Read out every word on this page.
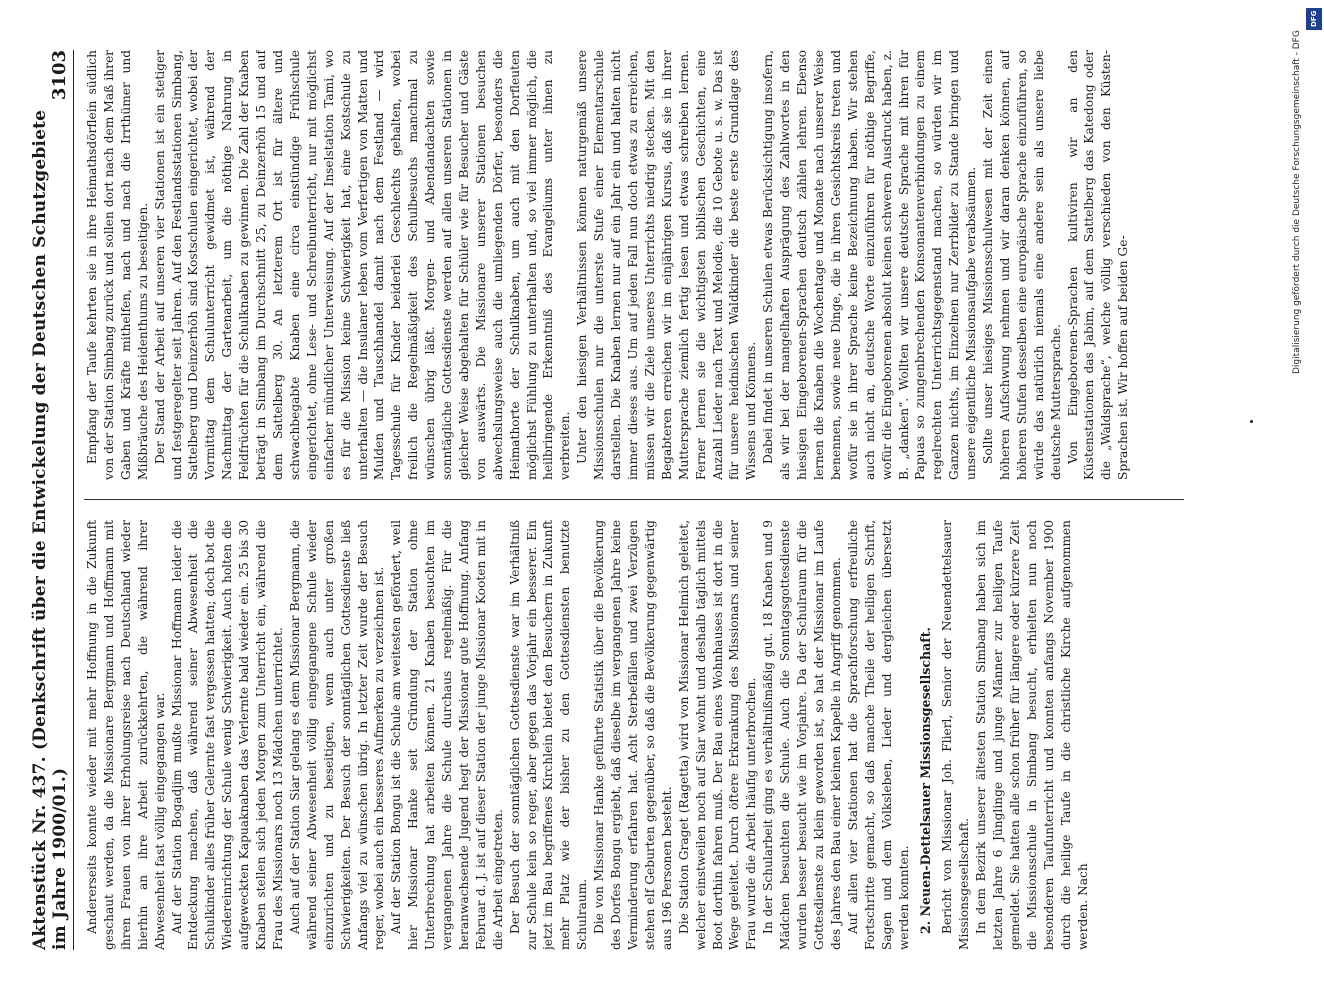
Aktenstück Nr. 437. (Denkschrift über die Entwickelung der Deutschen Schutzgebiete im Jahre 1900/01.)
3103

Andererseits konnte wieder mit mehr Hoffnung in die Zukunft geschaut werden, da die Missionare Bergmann und Hoffmann mit ihren Frauen von ihrer Erholungsreise nach Deutschland wieder hierhin an ihre Arbeit zurückkehrten, die während ihrer Abwesenheit fast völlig eingegangen war. Auf der Station Bogadjim mußte Missionar Hoffmann leider die Entdeckung machen, daß während seiner Abwesenheit die Schulkinder alles früher Gelernte fast vergessen hatten; doch bot die Wiedereinrichtung der Schule wenig Schwierigkeit. Auch holten die aufgeweckten Kapuaknaben das Verlernte bald wieder ein. 25 bis 30 Knaben stellen sich jeden Morgen zum Unterricht ein, während die Frau des Missionars noch 13 Mädchen unterrichtet. Auch auf der Station Siar gelang es dem Missionar Bergmann, die während seiner Abwesenheit völlig eingegangene Schule wieder einzurichten und zu beseitigen, wenn auch unter großen Schwierigkeiten. Der Besuch der sonntäglichen Gottesdienste ließ Anfangs viel zu wünschen übrig. In letzter Zeit wurde der Besuch reger, wobei auch ein besseres Aufmerken zu verzeichnen ist. Auf der Station Bongu ist die Schule am weitesten gefördert, weil hier Missionar Hanke seit Gründung der Station ohne Unterbrechung hat arbeiten können. 21 Knaben besuchten im vergangenen Jahre die Schule durchaus regelmäßig. Für die heranwachsende Jugend hegt der Missionar gute Hoffnung. Anfang Februar d. J. ist auf dieser Station der junge Missionar Kooten mit in die Arbeit eingetreten. Der Besuch der sonntäglichen Gottesdienste war im Verhältniß zur Schule kein so reger, aber gegen das Vorjahr ein besserer. Ein jetzt im Bau begriffenes Kirchlein bietet den Besuchern in Zukunft mehr Platz wie der bisher zu den Gottesdiensten benutzte Schulraum. Die von Missionar Hanke geführte Statistik über die Bevölkerung des Dorfes Bongu ergiebt, daß dieselbe im vergangenen Jahre keine Verminderung erfahren hat. Acht Sterbefällen und zwei Verzügen stehen elf Geburten gegenüber, so daß die Bevölkerung gegenwärtig aus 196 Personen besteht. Die Station Graget (Ragetta) wird von Missionar Helmich geleitet, welcher einstweilen noch auf Siar wohnt und deshalb täglich mittels Boot dorthin fahren muß. Der Bau eines Wohnhauses ist dort in die Wege geleitet. Durch öftere Erkrankung des Missionars und seiner Frau wurde die Arbeit häufig unterbrochen. In der Schularbeit ging es verhältnißmäßig gut. 18 Knaben und 9 Mädchen besuchten die Schule. Auch die Sonntagsgottesdienste wurden besser besucht wie im Vorjahre. Da der Schulraum für die Gottesdienste zu klein geworden ist, so hat der Missionar im Laufe des Jahres den Bau einer kleinen Kapelle in Angriff genommen. Auf allen vier Stationen hat die Sprachforschung erfreuliche Fortschritte gemacht, so daß manche Theile der heiligen Schrift, Sagen und dem Volksleben, Lieder und dergleichen übersetzt werden konnten. 2. Neuen-Dettelsauer Missionsgesellschaft. Bericht von Missionar Joh. Flierl, Senior der Neuendettelsauer Missionsgesellschaft. In dem Bezirk unserer ältesten Station Simbang haben sich im letzten Jahre 6 Jünglinge und junge Männer zur heiligen Taufe gemeldet. Sie hatten alle schon früher für längere oder kürzere Zeit die Missionsschule in Simbang besucht, erhielten nun noch besonderen Taufunterricht und konnten anfangs November 1900 durch die heilige Taufe in die christliche Kirche aufgenommen werden. Nach

Empfang der Taufe kehrten sie in ihre Heimathsdörflein südlich von der Station Simbang zurück und sollen dort nach dem Maß ihrer Gaben und Kräfte mithelfen, nach und nach die Irrthümer und Mißbräuche des Heidenthums zu beseitigen. Der Stand der Arbeit auf unseren vier Stationen ist ein stetiger und festgeregelter seit Jahren. Auf den Festlandsstationen Simbang, Sattelberg und Deinzerhöh sind Kostschulen eingerichtet, wobei der Vormittag dem Schulunterricht gewidmet ist, während der Nachmittag der Gartenarbeit, um die nöthige Nahrung in Feldfrüchten für die Schulknaben zu gewinnen. Die Zahl der Knaben beträgt in Simbang im Durchschnitt 25, zu Deinzerhöh 15 und auf dem Sattelberg 30. An letzterem Ort ist für ältere und schwachbegabte Knaben eine circa einstündige Frühschule eingerichtet, ohne Lese- und Schreibunterricht, nur mit möglichst einfacher mündlicher Unterweisung. Auf der Inselstation Tami, wo es für die Mission keine Schwierigkeit hat, eine Kostschule zu unterhalten — die Insulaner leben vom Verfertigen von Matten und Mulden und Tauschhandel damit nach dem Festland — wird Tagesschule für Kinder beiderlei Geschlechts gehalten, wobei freilich die Regelmäßigkeit des Schulbesuchs manchmal zu wünschen übrig läßt. Morgen- und Abendandachten sowie sonntägliche Gottesdienste werden auf allen unseren Stationen in gleicher Weise abgehalten für Schüler wie für Besucher und Gäste von auswärts. Die Missionare unserer Stationen besuchen abwechslungsweise auch die umliegenden Dörfer, besonders die Heimathorte der Schulknaben, um auch mit den Dorfleuten möglichst Fühlung zu unterhalten und, so viel immer möglich, die heilbringende Erkenntniß des Evangeliums unter ihnen zu verbreiten. Unter den hiesigen Verhältnissen können naturgemäß unsere Missionsschulen nur die unterste Stufe einer Elementarschule darstellen. Die Knaben lernen nur auf ein Jahr ein und halten nicht immer dieses aus. Um auf jeden Fall nun doch etwas zu erreichen, müssen wir die Ziele unseres Unterrichts niedrig stecken. Mit den Begabteren erreichen wir im einjährigen Kursus, daß sie in ihrer Muttersprache ziemlich fertig lesen und etwas schreiben lernen. Ferner lernen sie die wichtigsten biblischen Geschichten, eine Anzahl Lieder nach Text und Melodie, die 10 Gebote u. s. w. Das ist für unsere heidnischen Waldkinder die beste erste Grundlage des Wissens und Könnens. Dabei findet in unseren Schulen etwas Berücksichtigung insofern, als wir bei der mangelhaften Ausprägung des Zahlwortes in den hiesigen Eingeborenen-Sprachen deutsch zählen lehren. Ebenso lernen die Knaben die Wochentage und Monate nach unserer Weise benennen, sowie neue Dinge, die in ihren Gesichtskreis treten und wofür sie in ihrer Sprache keine Bezeichnung haben. Wir stehen auch nicht an, deutsche Worte einzuführen für nöthige Begriffe, wofür die Eingeborenen absolut keinen schweren Ausdruck haben, z. B. „danken“. Wollten wir unsere deutsche Sprache mit ihren für Papuas so zungenbrechenden Konsonantenverbindungen zu einem regelrechten Unterrichtsgegenstand machen, so würden wir im Ganzen nichts, im Einzelnen nur Zerrbilder zu Stande bringen und unsere eigentliche Missionsaufgabe verabsäumen. Sollte unser hiesiges Missionsschulwesen mit der Zeit einen höheren Aufschwung nehmen und wir daran denken können, auf höheren Stufen desselben eine europäische Sprache einzuführen, so würde das natürlich niemals eine andere sein als unsere liebe deutsche Muttersprache. Von Eingeborenen-Sprachen kultiviren wir an den Küstenstationen das Jabim, auf dem Sattelberg das Katedong oder die „Waldsprache“, welche völlig verschieden von den Küsten-Sprachen ist. Wir hoffen auf beiden Ge-

DFG
Digitalisierung gefördert durch die Deutsche Forschungsgemeinschaft - DFG
